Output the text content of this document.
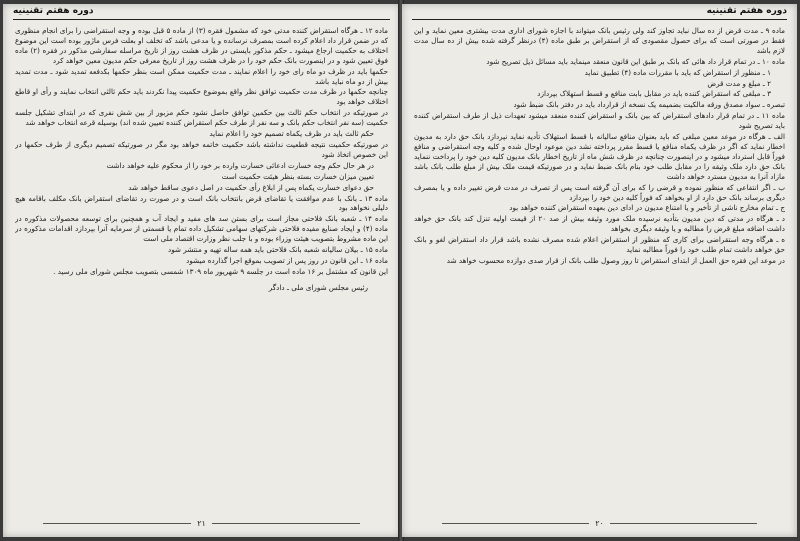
دوره هفتم تقنینیه

ماده ۱۲ ـ هرگاه استقراض کننده مدتی خود که مشمول فقره (۳) از ماده ۵ قبل بوده و وجه استقراضی را برای انجام منظوری که در ضمن قرار داد اعلام کرده است بمصرف نرسانده و یا مدعی باشد که تخلف او بعلت فرس ماژور بوده است این موضوع اختلاف به حکمیت ارجاع میشود ـ حکم مذکور بایستی در ظرف هشت روز از تاریخ مراسله سفارشی مذکور در فقره (۲) ماده فوق تعیین شود و در اینصورت بانک حکم خود را در ظرف هشت روز از تاریخ معرفی حکم مدیون معین خواهد کرد

حکمها باید در ظرف دو ماه رای خود را اعلام نمایند ـ مدت حکمیت ممکن است بنظر حکمها بکدفعه تمدید شود ـ مدت تمدید بیش از دو ماه نباید باشد

چنانچه حکمها در ظرف مدت حکمیت توافق نظر واقع بموضوع حکمیت پیدا نکردند باید حکم ثالثی انتخاب نمایند و رأی او قاطع اختلاف خواهد بود

در صورتیکه در انتخاب حکم ثالث بین حکمین توافق حاصل نشود حکم مزبور از بین شش نفری که در ابتدای تشکیل جلسه حکمیت (سه نفر انتخاب حکم بانک و سه نفر از طرف حکم استقراض کننده تعیین شده اند) بوسیله قرعه انتخاب خواهد شد

حکم ثالث باید در ظرف یکماه تصمیم خود را اعلام نماید

در صورتیکه حکمیت نتیجه قطعیت نداشته باشد حکمیت خاتمه خواهد بود مگر در صورتیکه تصمیم دیگری از طرف حکمها در این خصوص اتخاذ شود

در هر حال حکم وجه خسارت ادعائی خسارت وارده بر خود را از محکوم علیه خواهد داشت

تعیین میزان خسارت بسته بنظر هیئت حکمیت است

حق دعوای خسارت یکماه پس از ابلاغ رأی حکمیت در اصل دعوی ساقط خواهد شد

ماده ۱۳ ـ بانک با عدم موافقت یا تقاضای قرض بانتخاب بانک است و در صورت رد تقاضای استقراض بانک مکلف باقامه هیچ دلیلی نخواهد بود

ماده ۱۴ ـ شعبه بانک فلاحتی مجاز است برای بستن سد های مفید و ایجاد آب و همچنین برای توسعه محصولات مذکوره در ماده (۴) و ایجاد صنایع مفیده فلاحتی شرکتهای سهامی تشکیل داده تمام یا قسمتی از سرمایه آنرا بپردازد اقدامات مذکوره در این ماده مشروط بتصویب هیئت وزراء بوده و با جلب نظر وزارت اقتصاد ملی است

ماده ۱۵ ـ بیلان سالیانه شعبه بانک فلاحتی باید همه ساله تهیه و منتشر شود

ماده ۱۶ ـ این قانون در روز پس از تصویب بموقع اجرا گذارده میشود

این قانون که مشتمل بر ۱۶ ماده است در جلسه ۹ شهریور ماه ۱۳۰۹ شمسی بتصویب مجلس شورای ملی رسید .

رئیس مجلس شورای ملی ـ دادگر

۲۱
دوره هفتم تقنینیه

ماده ۹ ـ مدت قرض از ده سال نباید تجاوز کند ولی رئیس بانک میتواند با اجازه شورای اداری مدت بیشتری معین نماید و این فقط در صورتی است که برای حصول مقصودی که از استقراض بر طبق ماده (۴) درنظر گرفته شده بیش از ده سال مدت لازم باشد

ماده ۱۰ ـ در تمام قرار داد هائی که بانک بر طبق این قانون منعقد مینماید باید مسائل ذیل تصریح شود

۱ ـ منظور از استقراض که باید با مقررات ماده (۴) تطبیق نماید

۲ ـ مبلغ و مدت قرض

۳ ـ مبلغی که استقراض کننده باید در مقابل بابت منافع و قسط استهلاک بپردازد

تبصره ـ سواد مصدق ورقه مالکیت بضمیمه یک نسخه از قرارداد باید در دفتر بانک ضبط شود

ماده ۱۱ ـ در تمام قرار دادهای استقراض که بین بانک و استقراض کننده منعقد میشود تعهدات ذیل از طرف استقراض کننده باید تصریح شود

الف ـ هرگاه در موعد معین مبلغی که باید بعنوان منافع سالیانه با قسط استهلاک تأدیه نماید نپردازد بانک حق دارد به مدیون اخطار نماید که اگر در ظرف یکماه منافع یا قسط مقرر پرداخته نشد دین موعود اوحال شده و کلیه وجه استقراضی و منافع فوراً قابل استرداد میشود و در اینصورت چنانچه در ظرف شش ماه از تاریخ اخطار بانک مدیون کلیه دین خود را پرداخت ننماید بانک حق دارد ملک وثیقه را در مقابل طلب خود بنام بانک ضبط نماید و در صورتیکه قیمت ملک بیش از مبلغ طلب بانک باشد مازاد آنرا به مدیون مسترد خواهد داشت

ب ـ اگر انتفاعی که منظور نموده و قرضی را که برای آن گرفته است پس از تصرف در مدت قرض تغییر داده و یا بمصرف دیگری برساند بانک حق دارد از او بخواهد که فوراً کلیه دین خود را بپردازد

ج ـ تمام مخارج ناشی از تأخیر و یا امتناع مدیون در ادای دین بعهده استقراض کننده خواهد بود

د ـ هرگاه در مدتی که دین مدیون بتأدیه نرسیده ملک مورد وثیقه بیش از صد ۲۰ از قیمت اولیه تنزل کند بانک حق خواهد داشت اضافه مبلغ قرض را مطالبه و یا وثیقه دیگری بخواهد

ه ـ هرگاه وجه استقراضی برای کاری که منظور از استقراض اعلام شده مصرف نشده باشد قرار داد استقراض لغو و بانک حق خواهد داشت تمام طلب خود را فوراً مطالبه نماید

در موعد این فقره حق العمل از ابتدای استقراض تا روز وصول طلب بانک از قرار صدی دوازده محسوب خواهد شد

۲۰
